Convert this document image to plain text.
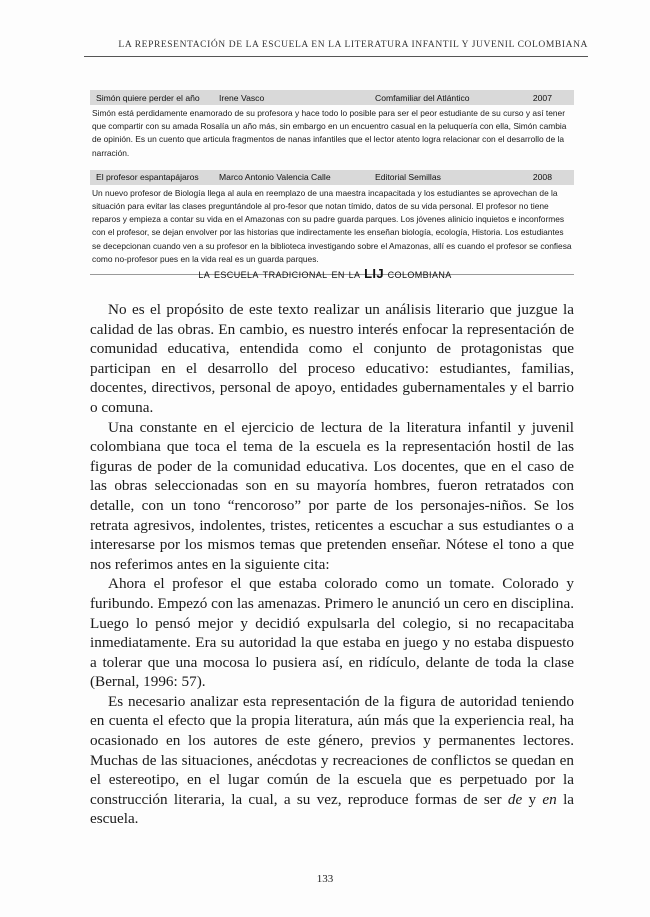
LA REPRESENTACIÓN DE LA ESCUELA EN LA LITERATURA INFANTIL Y JUVENIL COLOMBIANA
Simón quiere perder el año	Irene Vasco	Comfamiliar del Atlántico	2007

Simón está perdidamente enamorado de su profesora y hace todo lo posible para ser el peor estudiante de su curso y así tener que compartir con su amada Rosalía un año más, sin embargo en un encuentro casual en la peluquería con ella, Simón cambia de opinión. Es un cuento que articula fragmentos de nanas infantiles que el lector atento logra relacionar con el desarrollo de la narración.

El profesor espantapájaros	Marco Antonio Valencia Calle	Editorial Semillas	2008

Un nuevo profesor de Biología llega al aula en reemplazo de una maestra incapacitada y los estudiantes se aprovechan de la situación para evitar las clases preguntándole al pro-fesor que notan tímido, datos de su vida personal. El profesor no tiene reparos y empieza a contar su vida en el Amazonas con su padre guarda parques. Los jóvenes alinicio inquietos e inconformes con el profesor, se dejan envolver por las historias que indirectamente les enseñan biología, ecología, Historia. Los estudiantes se decepcionan cuando ven a su profesor en la biblioteca investigando sobre el Amazonas, allí es cuando el profesor se confiesa como no-profesor pues en la vida real es un guarda parques.

la escuela tradicional en la LIJ colombiana

No es el propósito de este texto realizar un análisis literario que juzgue la calidad de las obras. En cambio, es nuestro interés enfocar la representación de comunidad educativa, entendida como el conjunto de protagonistas que participan en el desarrollo del proceso educativo: estudiantes, familias, docentes, directivos, personal de apoyo, entidades gubernamentales y el barrio o comuna.

Una constante en el ejercicio de lectura de la literatura infantil y juvenil colombiana que toca el tema de la escuela es la representación hostil de las figuras de poder de la comunidad educativa. Los docentes, que en el caso de las obras seleccionadas son en su mayoría hombres, fueron retratados con detalle, con un tono “rencoroso” por parte de los personajes-niños. Se los retrata agresivos, indolentes, tristes, reticentes a escuchar a sus estudiantes o a interesarse por los mismos temas que pretenden enseñar. Nótese el tono a que nos referimos antes en la siguiente cita:

Ahora el profesor el que estaba colorado como un tomate. Colorado y furibundo. Empezó con las amenazas. Primero le anunció un cero en disciplina. Luego lo pensó mejor y decidió expulsarla del colegio, si no recapacitaba inmediatamente. Era su autoridad la que estaba en juego y no estaba dispuesto a tolerar que una mocosa lo pusiera así, en ridículo, delante de toda la clase (Bernal, 1996: 57).

Es necesario analizar esta representación de la figura de autoridad teniendo en cuenta el efecto que la propia literatura, aún más que la experiencia real, ha ocasionado en los autores de este género, previos y permanentes lectores. Muchas de las situaciones, anécdotas y recreaciones de conflictos se quedan en el estereotipo, en el lugar común de la escuela que es perpetuado por la construcción literaria, la cual, a su vez, reproduce formas de ser de y en la escuela.

133
